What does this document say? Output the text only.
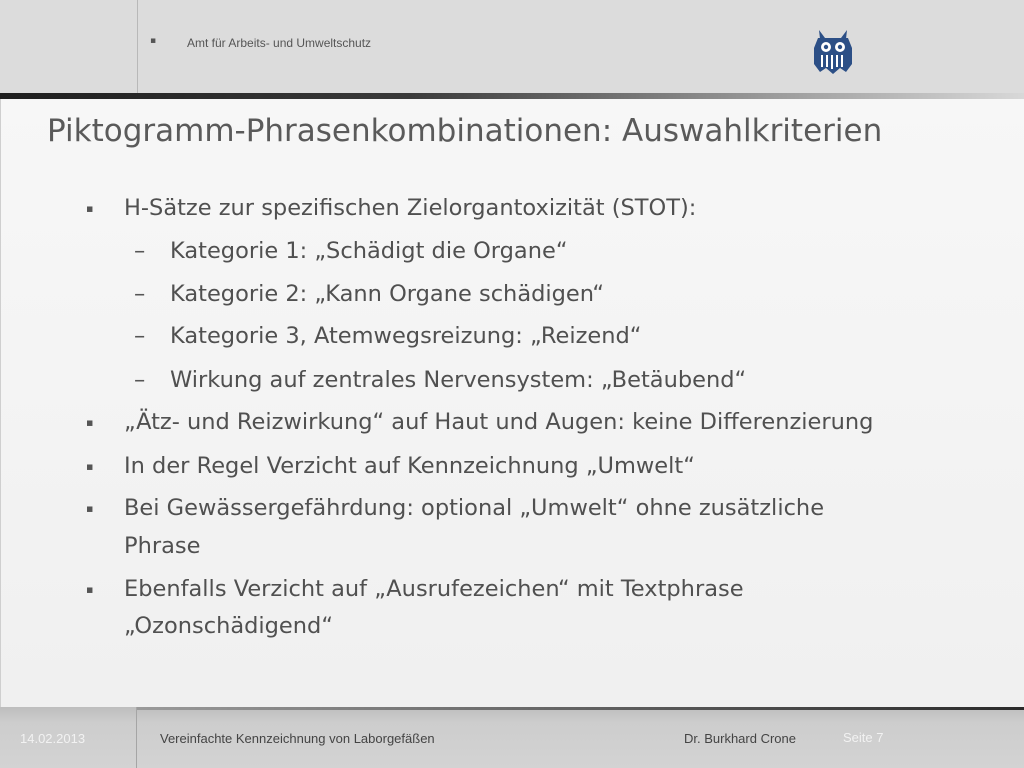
▪	Amt für Arbeits- und Umweltschutz
Piktogramm-Phrasenkombinationen: Auswahlkriterien
▪ H-Sätze zur spezifischen Zielorgantoxizität (STOT):
– Kategorie 1: „Schädigt die Organe“
– Kategorie 2: „Kann Organe schädigen“
– Kategorie 3, Atemwegsreizung: „Reizend“
– Wirkung auf zentrales Nervensystem: „Betäubend“
▪ „Ätz- und Reizwirkung“ auf Haut und Augen: keine Differenzierung
▪ In der Regel Verzicht auf Kennzeichnung „Umwelt“
▪ Bei Gewässergefährdung: optional „Umwelt“ ohne zusätzliche
Phrase
▪ Ebenfalls Verzicht auf „Ausrufezeichen“ mit Textphrase
„Ozonschädigend“
14.02.2013	Vereinfachte Kennzeichnung von Laborgefäßen	Dr. Burkhard Crone	Seite 7
